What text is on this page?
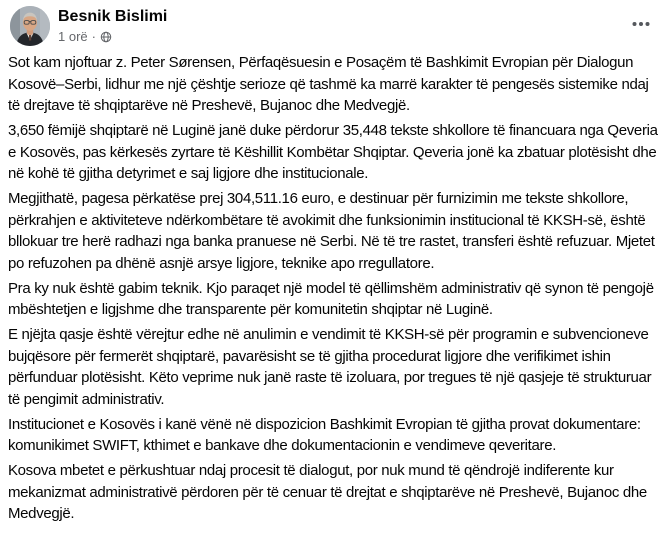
Besnik Bislimi
1 orë ·

Sot kam njoftuar z. Peter Sørensen, Përfaqësuesin e Posaçëm të Bashkimit Evropian për Dialogun Kosovë–Serbi, lidhur me një çështje serioze që tashmë ka marrë karakter të pengesës sistemike ndaj të drejtave të shqiptarëve në Preshevë, Bujanoc dhe Medvegjë.

3,650 fëmijë shqiptarë në Luginë janë duke përdorur 35,448 tekste shkollore të financuara nga Qeveria e Kosovës, pas kërkesës zyrtare të Këshillit Kombëtar Shqiptar. Qeveria jonë ka zbatuar plotësisht dhe në kohë të gjitha detyrimet e saj ligjore dhe institucionale.

Megjithatë, pagesa përkatëse prej 304,511.16 euro, e destinuar për furnizimin me tekste shkollore, përkrahjen e aktiviteteve ndërkombëtare të avokimit dhe funksionimin institucional të KKSH-së, është bllokuar tre herë radhazi nga banka pranuese në Serbi. Në të tre rastet, transferi është refuzuar. Mjetet po refuzohen pa dhënë asnjë arsye ligjore, teknike apo rregullatore.

Pra ky nuk është gabim teknik. Kjo paraqet një model të qëllimshëm administrativ që synon të pengojë mbështetjen e ligjshme dhe transparente për komunitetin shqiptar në Luginë.

E njëjta qasje është vërejtur edhe në anulimin e vendimit të KKSH-së për programin e subvencioneve bujqësore për fermerët shqiptarë, pavarësisht se të gjitha procedurat ligjore dhe verifikimet ishin përfunduar plotësisht. Këto veprime nuk janë raste të izoluara, por tregues të një qasjeje të strukturuar të pengimit administrativ.

Institucionet e Kosovës i kanë vënë në dispozicion Bashkimit Evropian të gjitha provat dokumentare: komunikimet SWIFT, kthimet e bankave dhe dokumentacionin e vendimeve qeveritare.

Kosova mbetet e përkushtuar ndaj procesit të dialogut, por nuk mund të qëndrojë indiferente kur mekanizmat administrativë përdoren për të cenuar të drejtat e shqiptarëve në Preshevë, Bujanoc dhe Medvegjë.
